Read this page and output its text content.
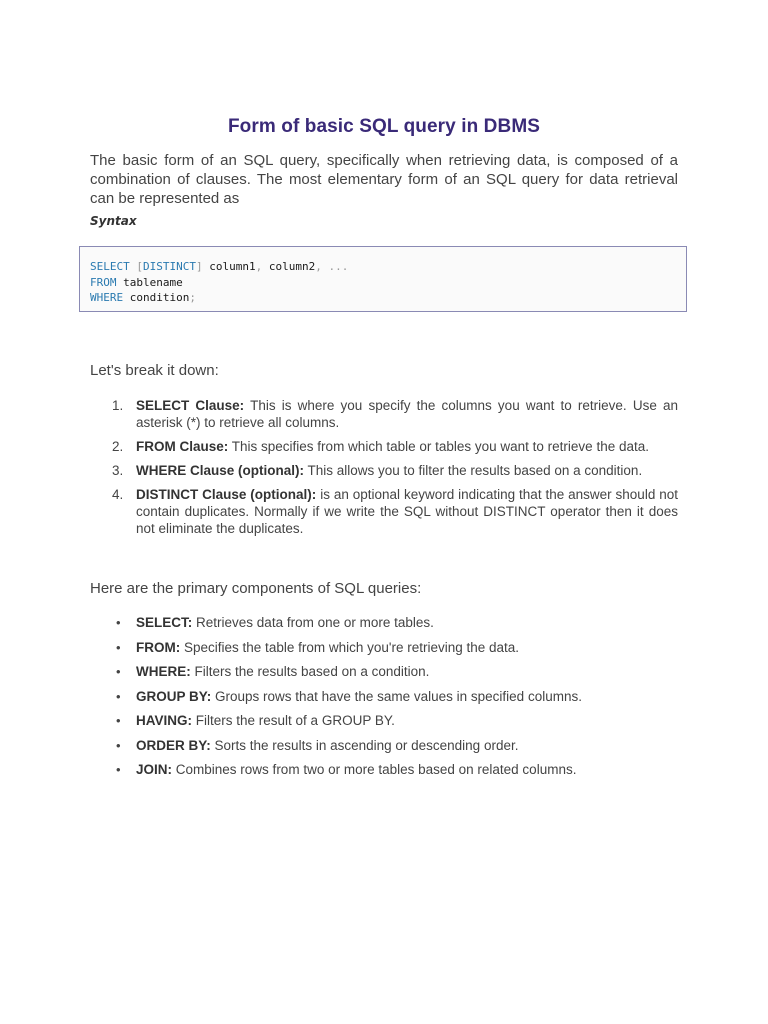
Form of basic SQL query in DBMS
The basic form of an SQL query, specifically when retrieving data, is composed of a combination of clauses. The most elementary form of an SQL query for data retrieval can be represented as
Syntax
SELECT [DISTINCT] column1, column2, ...
FROM tablename
WHERE condition;
Let's break it down:
1. SELECT Clause: This is where you specify the columns you want to retrieve. Use an asterisk (*) to retrieve all columns.
2. FROM Clause: This specifies from which table or tables you want to retrieve the data.
3. WHERE Clause (optional): This allows you to filter the results based on a condition.
4. DISTINCT Clause (optional): is an optional keyword indicating that the answer should not contain duplicates. Normally if we write the SQL without DISTINCT operator then it does not eliminate the duplicates.
Here are the primary components of SQL queries:
• SELECT: Retrieves data from one or more tables.
• FROM: Specifies the table from which you're retrieving the data.
• WHERE: Filters the results based on a condition.
• GROUP BY: Groups rows that have the same values in specified columns.
• HAVING: Filters the result of a GROUP BY.
• ORDER BY: Sorts the results in ascending or descending order.
• JOIN: Combines rows from two or more tables based on related columns.
